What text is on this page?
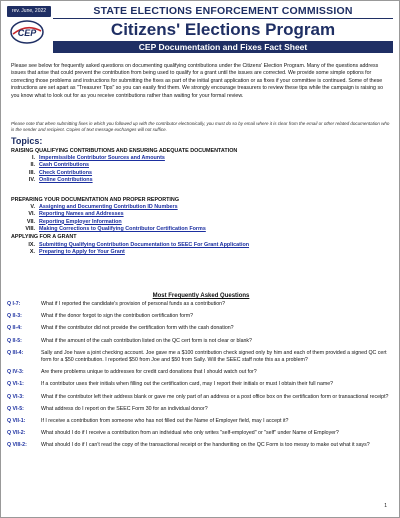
rev. June, 2022
CEP
STATE ELECTIONS ENFORCEMENT COMMISSION
Citizens' Elections Program
CEP Documentation and Fixes Fact Sheet
Please see below for frequently asked questions on documenting qualifying contributions under the Citizens' Election Program. Many of the questions address issues that arise that could prevent the contribution from being used to qualify for a grant until the issues are corrected. We provide some simple options for correcting those problems and instructions for submitting the fixes as part of the initial grant application or as fixes if your committee is continued. Some of these instructions are set apart as "Treasurer Tips" so you can easily find them. We strongly encourage treasurers to review these tips while the campaign is raising so you know what to look out for as you receive contributions rather than waiting for your formal review.
Please note that when submitting fixes in which you followed up with the contributor electronically, you must do so by email where it is clear from the email or other related documentation who is the sender and recipient. Copies of text message exchanges will not suffice.
Topics:
RAISING QUALIFYING CONTRIBUTIONS AND ENSURING ADEQUATE DOCUMENTATION
I. Impermissible Contributor Sources and Amounts
II. Cash Contributions
III. Check Contributions
IV. Online Contributions
PREPARING YOUR DOCUMENTATION AND PROPER REPORTING
V. Assigning and Documenting Contribution ID Numbers
VI. Reporting Names and Addresses
VII. Reporting Employer Information
VIII. Making Corrections to Qualifying Contributor Certification Forms
APPLYING FOR A GRANT
IX. Submitting Qualifying Contribution Documentation to SEEC For Grant Application
X. Preparing to Apply for Your Grant
Most Frequently Asked Questions
Q I-7:	What if I reported the candidate's provision of personal funds as a contribution?
Q II-3:	What if the donor forgot to sign the contribution certification form?
Q II-4:	What if the contributor did not provide the certification form with the cash donation?
Q II-5:	What if the amount of the cash contribution listed on the QC cert form is not clear or blank?
Q III-4:	Sally and Joe have a joint checking account. Joe gave me a $100 contribution check signed only by him and each of them provided a signed QC cert form for a $50 contribution. I reported $50 from Joe and $50 from Sally. Will the SEEC staff note this as a problem?
Q IV-3:	Are there problems unique to addresses for credit card donations that I should watch out for?
Q VI-1:	If a contributor uses their initials when filling out the certification card, may I report their initials or must I obtain their full name?
Q VI-3:	What if the contributor left their address blank or gave me only part of an address or a post office box on the certification form or transactional receipt?
Q VI-5:	What address do I report on the SEEC Form 30 for an individual donor?
Q VII-1:	If I receive a contribution from someone who has not filled out the Name of Employer field, may I accept it?
Q VII-2:	What should I do if I receive a contribution from an individual who only writes "self-employed" or "self" under Name of Employer?
Q VIII-2:	What should I do if I can't read the copy of the transactional receipt or the handwriting on the QC Form is too messy to make out what it says?
1
